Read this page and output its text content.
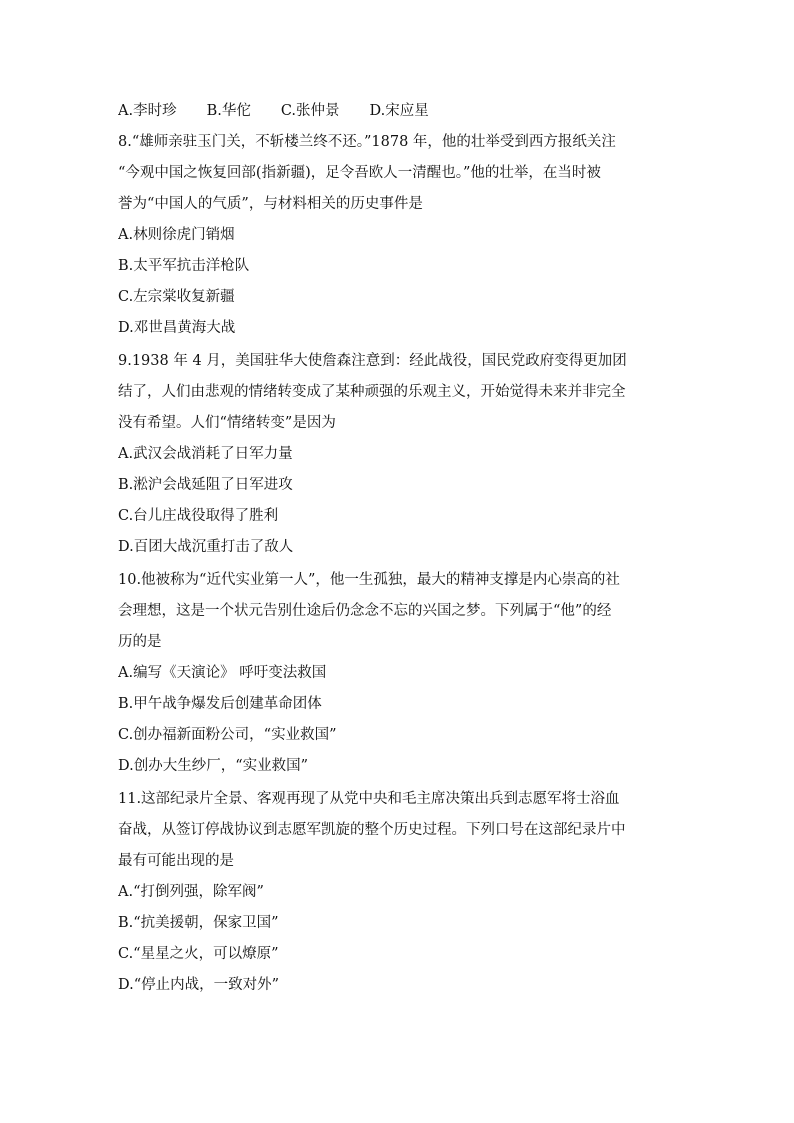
A.李时珍 B.华佗 C.张仲景 D.宋应星
8.“雄师亲驻玉门关，不斩楼兰终不还。”1878 年，他的壮举受到西方报纸关注
“今观中国之恢复回部(指新疆)，足令吾欧人一清醒也。”他的壮举，在当时被
誉为“中国人的气质”，与材料相关的历史事件是
A.林则徐虎门销烟
B.太平军抗击洋枪队
C.左宗棠收复新疆
D.邓世昌黄海大战
9.1938 年 4 月，美国驻华大使詹森注意到：经此战役，国民党政府变得更加团
结了，人们由悲观的情绪转变成了某种顽强的乐观主义，开始觉得未来并非完全
没有希望。人们“情绪转变”是因为
A.武汉会战消耗了日军力量
B.淞沪会战延阻了日军进攻
C.台儿庄战役取得了胜利
D.百团大战沉重打击了敌人
10.他被称为“近代实业第一人”，他一生孤独，最大的精神支撑是内心崇高的社
会理想，这是一个状元告别仕途后仍念念不忘的兴国之梦。下列属于“他”的经
历的是
A.编写《天演论》 呼吁变法救国
B.甲午战争爆发后创建革命团体
C.创办福新面粉公司，“实业救国”
D.创办大生纱厂，“实业救国”
11.这部纪录片全景、客观再现了从党中央和毛主席决策出兵到志愿军将士浴血
奋战，从签订停战协议到志愿军凯旋的整个历史过程。下列口号在这部纪录片中
最有可能出现的是
A.“打倒列强，除军阀”
B.“抗美援朝，保家卫国”
C.“星星之火，可以燎原”
D.“停止内战，一致对外”
